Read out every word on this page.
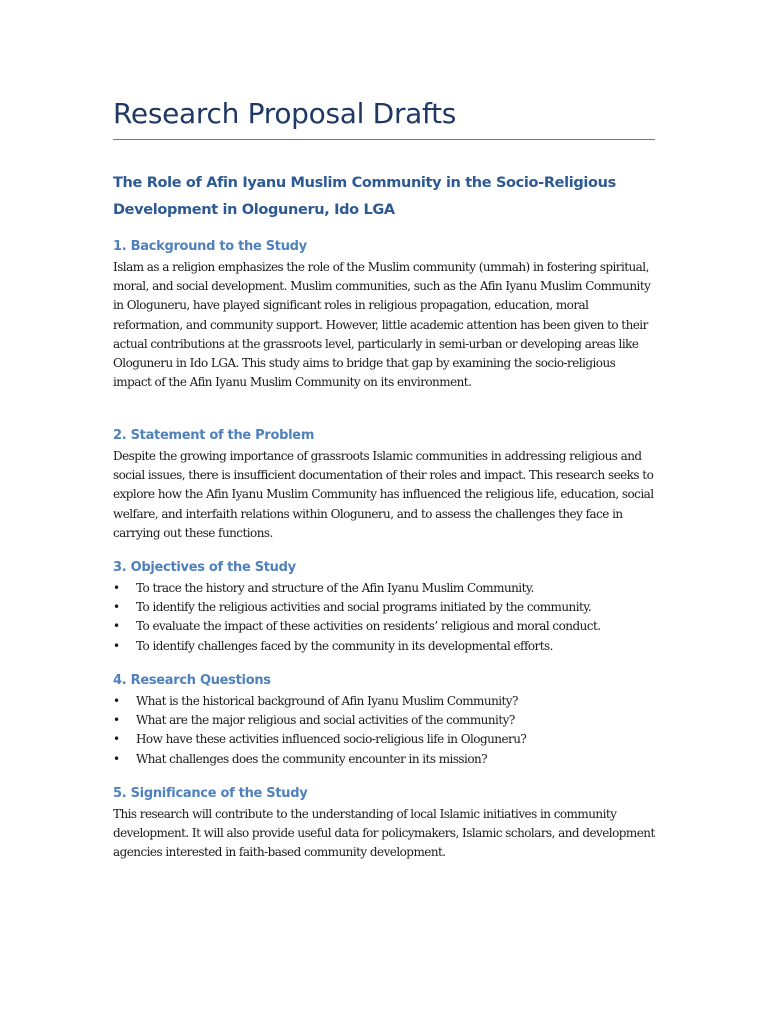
Research Proposal Drafts
The Role of Afin Iyanu Muslim Community in the Socio-Religious Development in Ologuneru, Ido LGA
1. Background to the Study

Islam as a religion emphasizes the role of the Muslim community (ummah) in fostering spiritual, moral, and social development. Muslim communities, such as the Afin Iyanu Muslim Community in Ologuneru, have played significant roles in religious propagation, education, moral reformation, and community support. However, little academic attention has been given to their actual contributions at the grassroots level, particularly in semi-urban or developing areas like Ologuneru in Ido LGA. This study aims to bridge that gap by examining the socio-religious impact of the Afin Iyanu Muslim Community on its environment.

2. Statement of the Problem

Despite the growing importance of grassroots Islamic communities in addressing religious and social issues, there is insufficient documentation of their roles and impact. This research seeks to explore how the Afin Iyanu Muslim Community has influenced the religious life, education, social welfare, and interfaith relations within Ologuneru, and to assess the challenges they face in carrying out these functions.

3. Objectives of the Study
• To trace the history and structure of the Afin Iyanu Muslim Community.
• To identify the religious activities and social programs initiated by the community.
• To evaluate the impact of these activities on residents’ religious and moral conduct.
• To identify challenges faced by the community in its developmental efforts.
4. Research Questions
• What is the historical background of Afin Iyanu Muslim Community?
• What are the major religious and social activities of the community?
• How have these activities influenced socio-religious life in Ologuneru?
• What challenges does the community encounter in its mission?
5. Significance of the Study

This research will contribute to the understanding of local Islamic initiatives in community development. It will also provide useful data for policymakers, Islamic scholars, and development agencies interested in faith-based community development.
